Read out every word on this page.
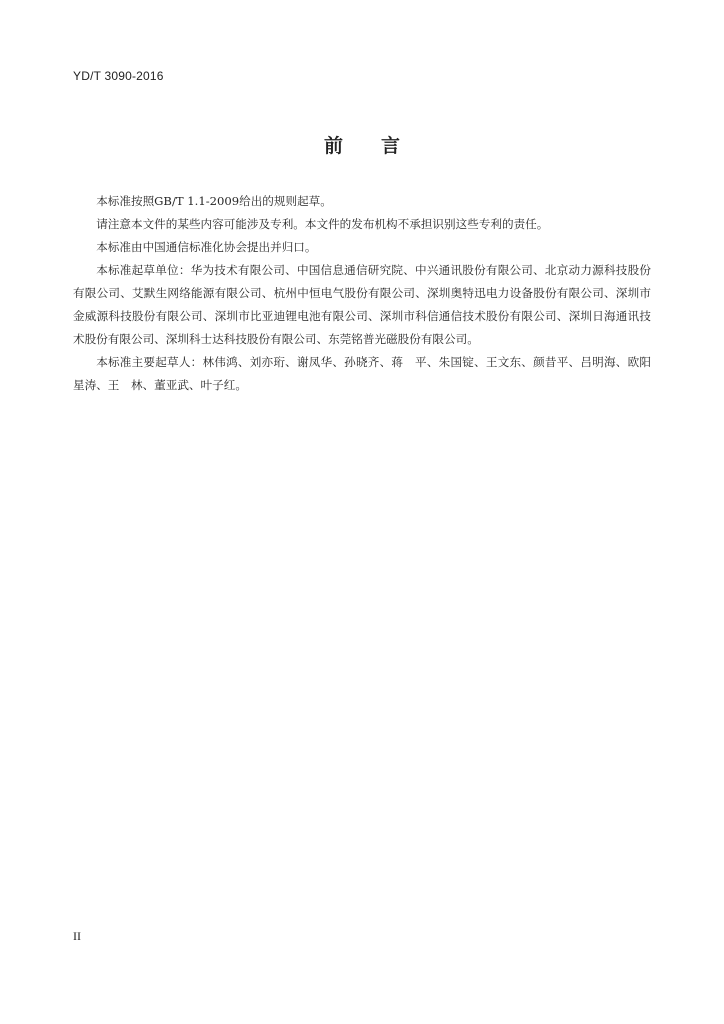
YD/T 3090-2016
前言

本标准按照GB/T 1.1-2009给出的规则起草。

请注意本文件的某些内容可能涉及专利。本文件的发布机构不承担识别这些专利的责任。

本标准由中国通信标准化协会提出并归口。

本标准起草单位：华为技术有限公司、中国信息通信研究院、中兴通讯股份有限公司、北京动力源科技股份有限公司、艾默生网络能源有限公司、杭州中恒电气股份有限公司、深圳奥特迅电力设备股份有限公司、深圳市金威源科技股份有限公司、深圳市比亚迪锂电池有限公司、深圳市科信通信技术股份有限公司、深圳日海通讯技术股份有限公司、深圳科士达科技股份有限公司、东莞铭普光磁股份有限公司。

本标准主要起草人：林伟鸿、刘亦珩、谢凤华、孙晓齐、蒋　平、朱国锭、王文东、颜昔平、吕明海、欧阳星涛、王　林、董亚武、叶子红。

II
